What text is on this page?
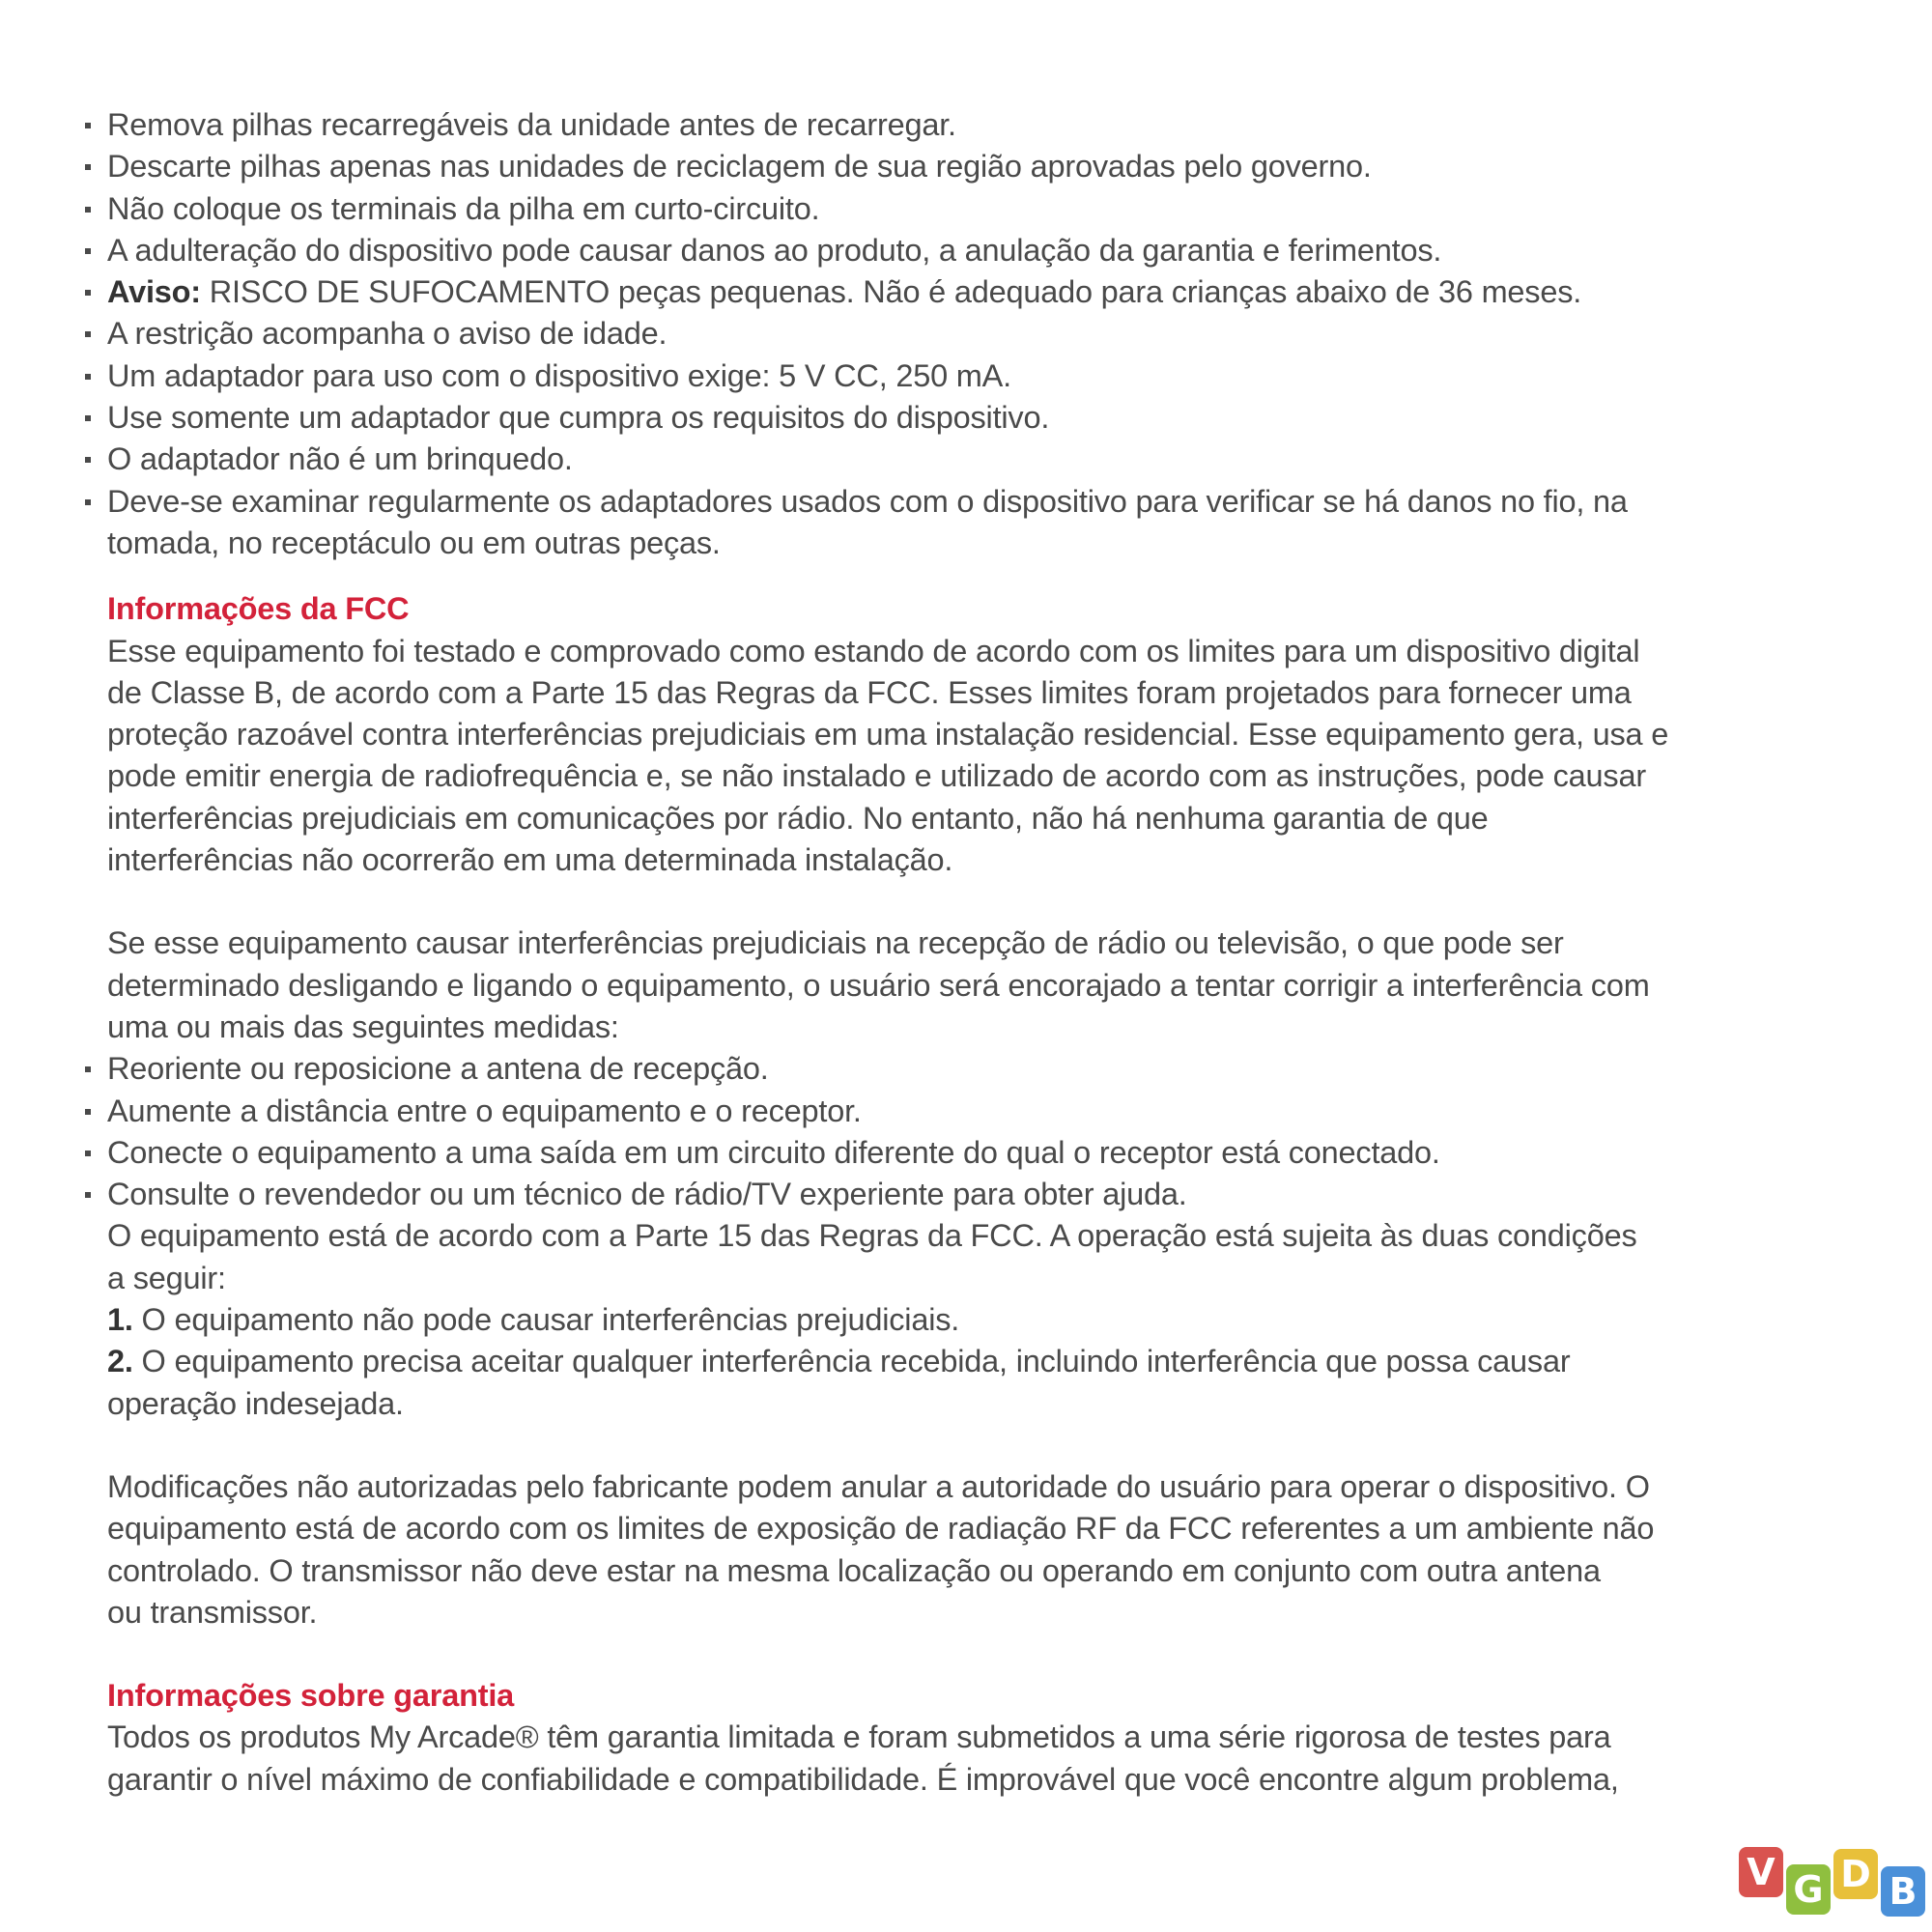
Remova pilhas recarregáveis da unidade antes de recarregar.
Descarte pilhas apenas nas unidades de reciclagem de sua região aprovadas pelo governo.
Não coloque os terminais da pilha em curto-circuito.
A adulteração do dispositivo pode causar danos ao produto, a anulação da garantia e ferimentos.
Aviso: RISCO DE SUFOCAMENTO peças pequenas. Não é adequado para crianças abaixo de 36 meses.
A restrição acompanha o aviso de idade.
Um adaptador para uso com o dispositivo exige: 5 V CC, 250 mA.
Use somente um adaptador que cumpra os requisitos do dispositivo.
O adaptador não é um brinquedo.
Deve-se examinar regularmente os adaptadores usados com o dispositivo para verificar se há danos no fio, na
tomada, no receptáculo ou em outras peças.
Informações da FCC
Esse equipamento foi testado e comprovado como estando de acordo com os limites para um dispositivo digital
de Classe B, de acordo com a Parte 15 das Regras da FCC. Esses limites foram projetados para fornecer uma
proteção razoável contra interferências prejudiciais em uma instalação residencial. Esse equipamento gera, usa e
pode emitir energia de radiofrequência e, se não instalado e utilizado de acordo com as instruções, pode causar
interferências prejudiciais em comunicações por rádio. No entanto, não há nenhuma garantia de que
interferências não ocorrerão em uma determinada instalação.
Se esse equipamento causar interferências prejudiciais na recepção de rádio ou televisão, o que pode ser
determinado desligando e ligando o equipamento, o usuário será encorajado a tentar corrigir a interferência com
uma ou mais das seguintes medidas:
Reoriente ou reposicione a antena de recepção.
Aumente a distância entre o equipamento e o receptor.
Conecte o equipamento a uma saída em um circuito diferente do qual o receptor está conectado.
Consulte o revendedor ou um técnico de rádio/TV experiente para obter ajuda.
O equipamento está de acordo com a Parte 15 das Regras da FCC. A operação está sujeita às duas condições
a seguir:
1. O equipamento não pode causar interferências prejudiciais.
2. O equipamento precisa aceitar qualquer interferência recebida, incluindo interferência que possa causar
operação indesejada.
Modificações não autorizadas pelo fabricante podem anular a autoridade do usuário para operar o dispositivo. O
equipamento está de acordo com os limites de exposição de radiação RF da FCC referentes a um ambiente não
controlado. O transmissor não deve estar na mesma localização ou operando em conjunto com outra antena
ou transmissor.
Informações sobre garantia
Todos os produtos My Arcade® têm garantia limitada e foram submetidos a uma série rigorosa de testes para
garantir o nível máximo de confiabilidade e compatibilidade. É improvável que você encontre algum problema,
V G D B
